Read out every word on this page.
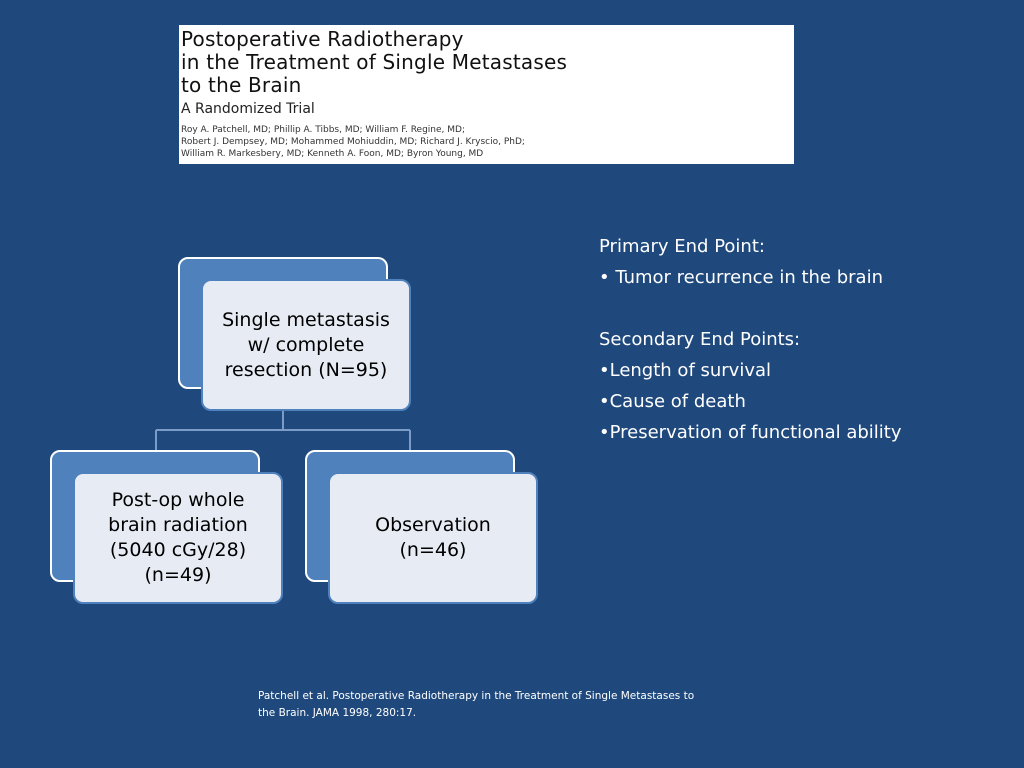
Postoperative Radiotherapy
in the Treatment of Single Metastases
to the Brain
A Randomized Trial
Roy A. Patchell, MD; Phillip A. Tibbs, MD; William F. Regine, MD;
Robert J. Dempsey, MD; Mohammed Mohiuddin, MD; Richard J. Kryscio, PhD;
William R. Markesbery, MD; Kenneth A. Foon, MD; Byron Young, MD
Single metastasis
w/ complete
resection (N=95)
Post-op whole
brain radiation
(5040 cGy/28)
(n=49)
Observation
(n=46)
Primary End Point:
• Tumor recurrence in the brain
Secondary End Points:
•Length of survival
•Cause of death
•Preservation of functional ability
Patchell et al. Postoperative Radiotherapy in the Treatment of Single Metastases to
the Brain. JAMA 1998, 280:17.
